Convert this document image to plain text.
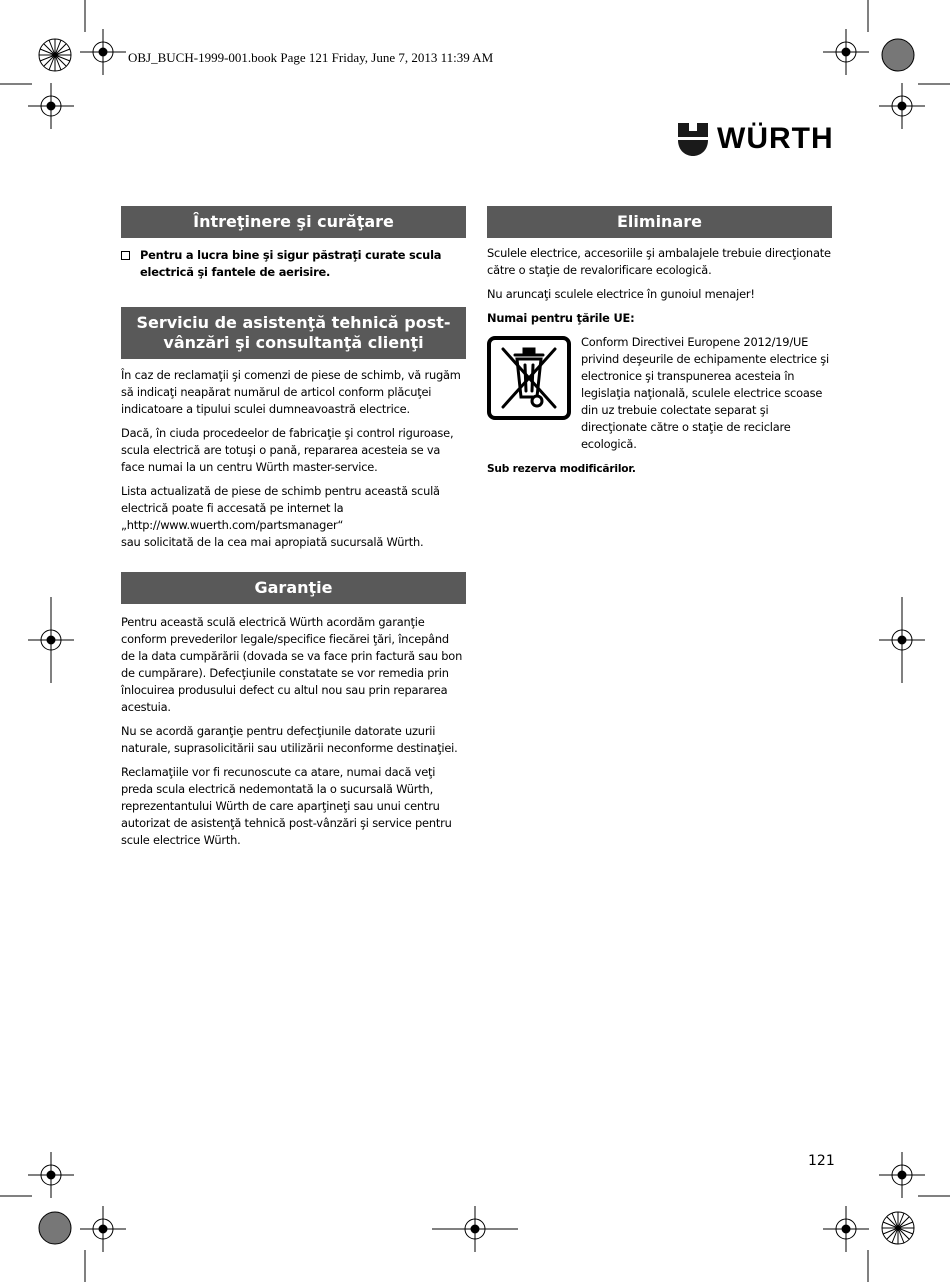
OBJ_BUCH-1999-001.book Page 121 Friday, June 7, 2013 11:39 AM
WÜRTH
Întreţinere şi curăţare
Pentru a lucra bine şi sigur păstraţi curate scula electrică şi fantele de aerisire.
Serviciu de asistenţă tehnică post-
vânzări şi consultanţă clienţi

În caz de reclamaţii şi comenzi de piese de schimb, vă rugăm să indicaţi neapărat numărul de articol conform plăcuţei indicatoare a tipului sculei dumneavoastră electrice.

Dacă, în ciuda procedeelor de fabricaţie şi control riguroase, scula electrică are totuşi o pană, repararea acesteia se va face numai la un centru Würth master-service.

Lista actualizată de piese de schimb pentru această sculă electrică poate fi accesată pe internet la
„http://www.wuerth.com/partsmanager“
sau solicitată de la cea mai apropiată sucursală Würth.

Garanţie

Pentru această sculă electrică Würth acordăm garanţie conform prevederilor legale/specifice fiecărei ţări, începând de la data cumpărării (dovada se va face prin factură sau bon de cumpărare). Defecţiunile constatate se vor remedia prin înlocuirea produsului defect cu altul nou sau prin repararea acestuia.

Nu se acordă garanţie pentru defecţiunile datorate uzurii naturale, suprasolicitării sau utilizării neconforme destinaţiei.

Reclamaţiile vor fi recunoscute ca atare, numai dacă veţi preda scula electrică nedemontată la o sucursală Würth, reprezentantului Würth de care aparţineţi sau unui centru autorizat de asistenţă tehnică post-vânzări şi service pentru scule electrice Würth.

Eliminare

Sculele electrice, accesoriile şi ambalajele trebuie direcţionate către o staţie de revalorificare ecologică.

Nu aruncaţi sculele electrice în gunoiul menajer!

Numai pentru ţările UE:

Conform Directivei Europene 2012/19/UE privind deşeurile de echipamente electrice şi electronice şi transpunerea acesteia în legislaţia naţională, sculele electrice scoase din uz trebuie colectate separat şi direcţionate către o staţie de reciclare ecologică.

Sub rezerva modificărilor.

121
